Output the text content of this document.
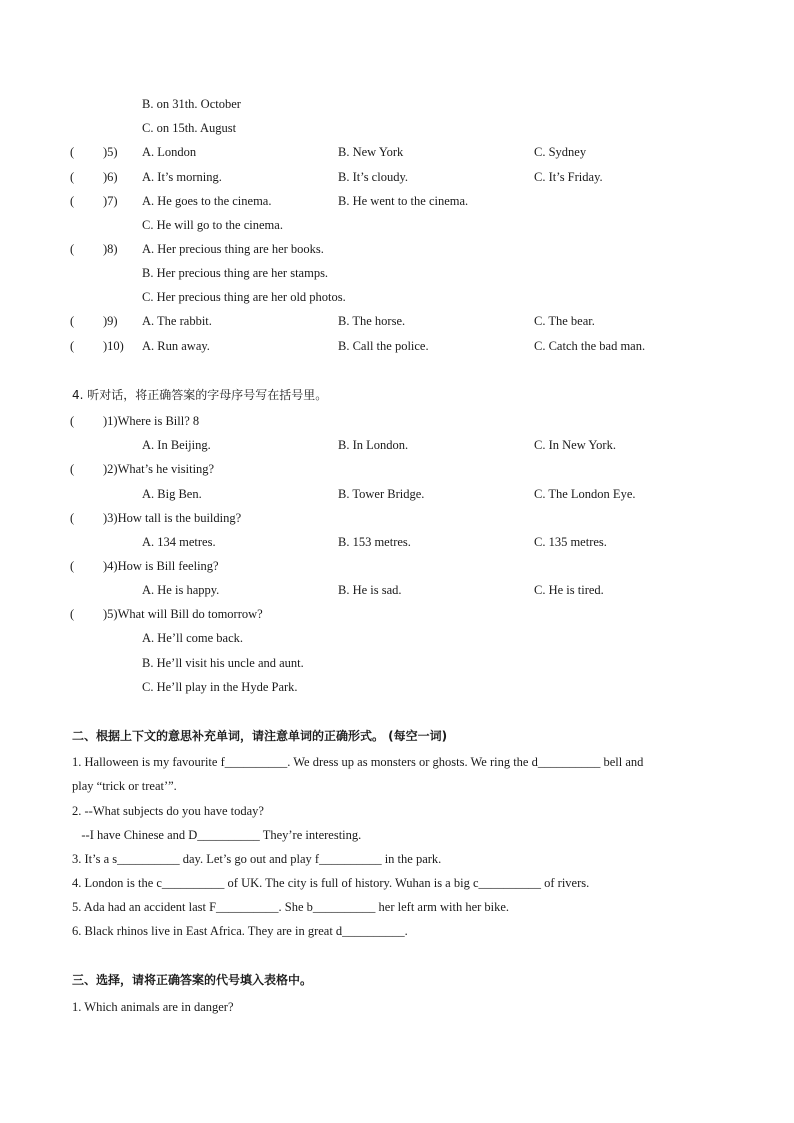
B. on 31th. October
C. on 15th. August
( )5) A. London	B. New York	C. Sydney
( )6) A. It’s morning.	B. It’s cloudy.	C. It’s Friday.
( )7) A. He goes to the cinema.	B. He went to the cinema.
C. He will go to the cinema.
( )8) A. Her precious thing are her books.
B. Her precious thing are her stamps.
C. Her precious thing are her old photos.
( )9) A. The rabbit.	B. The horse.	C. The bear.
( )10) A. Run away.	B. Call the police.	C. Catch the bad man.
4. 听对话，将正确答案的字母序号写在括号里。
( )1)Where is Bill? 8
A. In Beijing.	B. In London.	C. In New York.
( )2)What’s he visiting?
A. Big Ben.	B. Tower Bridge.	C. The London Eye.
( )3)How tall is the building?
A. 134 metres.	B. 153 metres.	C. 135 metres.
( )4)How is Bill feeling?
A. He is happy.	B. He is sad.	C. He is tired.
( )5)What will Bill do tomorrow?
A. He’ll come back.
B. He’ll visit his uncle and aunt.
C. He’ll play in the Hyde Park.
二、根据上下文的意思补充单词，请注意单词的正确形式。 (每空一词)
1. Halloween is my favourite f__________. We dress up as monsters or ghosts. We ring the d__________ bell and
play “trick or treat’”.
2. --What subjects do you have today?
--I have Chinese and D__________ They’re interesting.
3. It’s a s__________ day. Let’s go out and play f__________ in the park.
4. London is the c__________ of UK. The city is full of history. Wuhan is a big c__________ of rivers.
5. Ada had an accident last F__________. She b__________ her left arm with her bike.
6. Black rhinos live in East Africa. They are in great d__________.
三、选择，请将正确答案的代号填入表格中。
1. Which animals are in danger?
